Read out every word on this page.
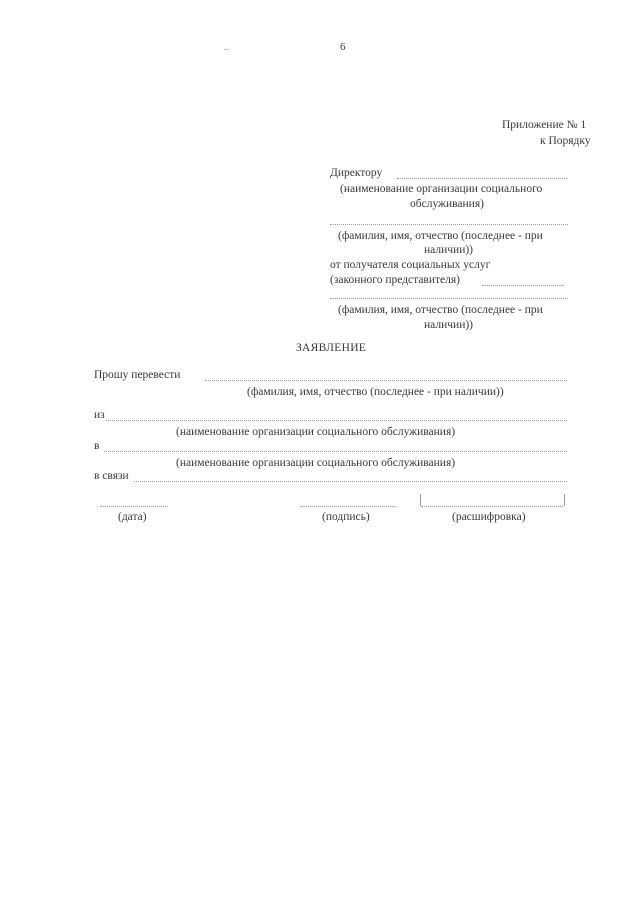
..	6
Приложение № 1
к Порядку
Директору
(наименование организации социального
обслуживания)
(фамилия, имя, отчество (последнее - при
наличии))
от получателя социальных услуг
(законного представителя)
(фамилия, имя, отчество (последнее - при
наличии))
ЗАЯВЛЕНИЕ
Прошу перевести
(фамилия, имя, отчество (последнее - при наличии))
из
(наименование организации социального обслуживания)
в
(наименование организации социального обслуживания)
в связи
(дата)	(подпись)	(расшифровка)
